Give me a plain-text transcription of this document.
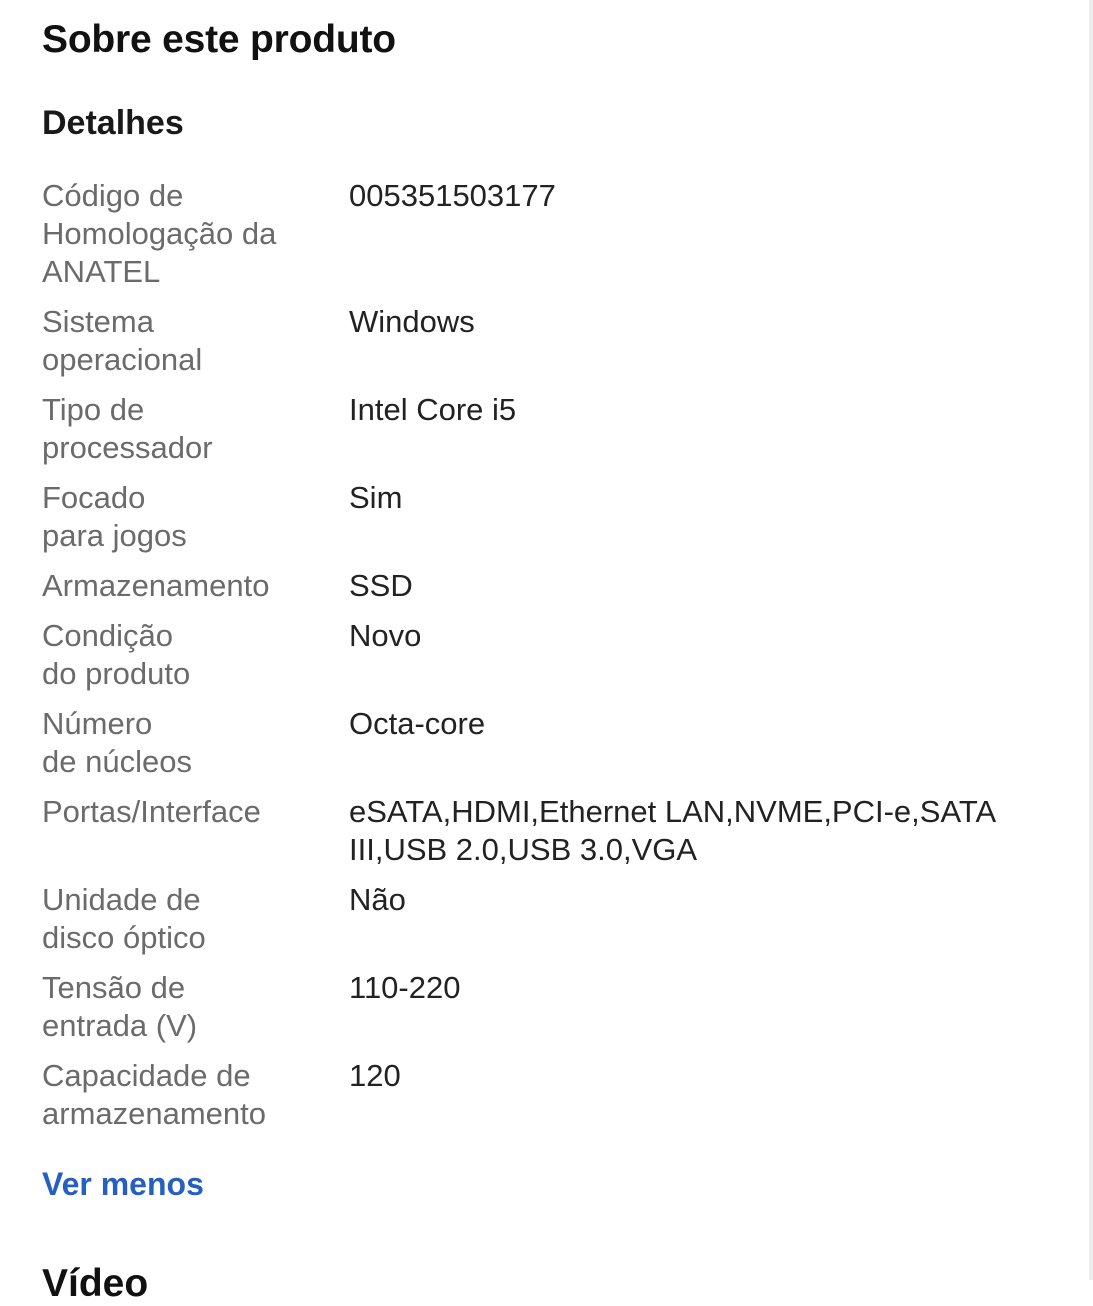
Sobre este produto
Detalhes
Código de
Homologação da
ANATEL
005351503177
Sistema
operacional
Windows
Tipo de
processador
Intel Core i5
Focado
para jogos
Sim
Armazenamento	SSD
Condição
do produto
Novo
Número
de núcleos
Octa-core
Portas/Interface	eSATA,HDMI,Ethernet LAN,NVME,PCI-e,SATA III,USB 2.0,USB 3.0,VGA
Unidade de
disco óptico
Não
Tensão de
entrada (V)
110-220
Capacidade de
armazenamento
120
Ver menos
Vídeo
